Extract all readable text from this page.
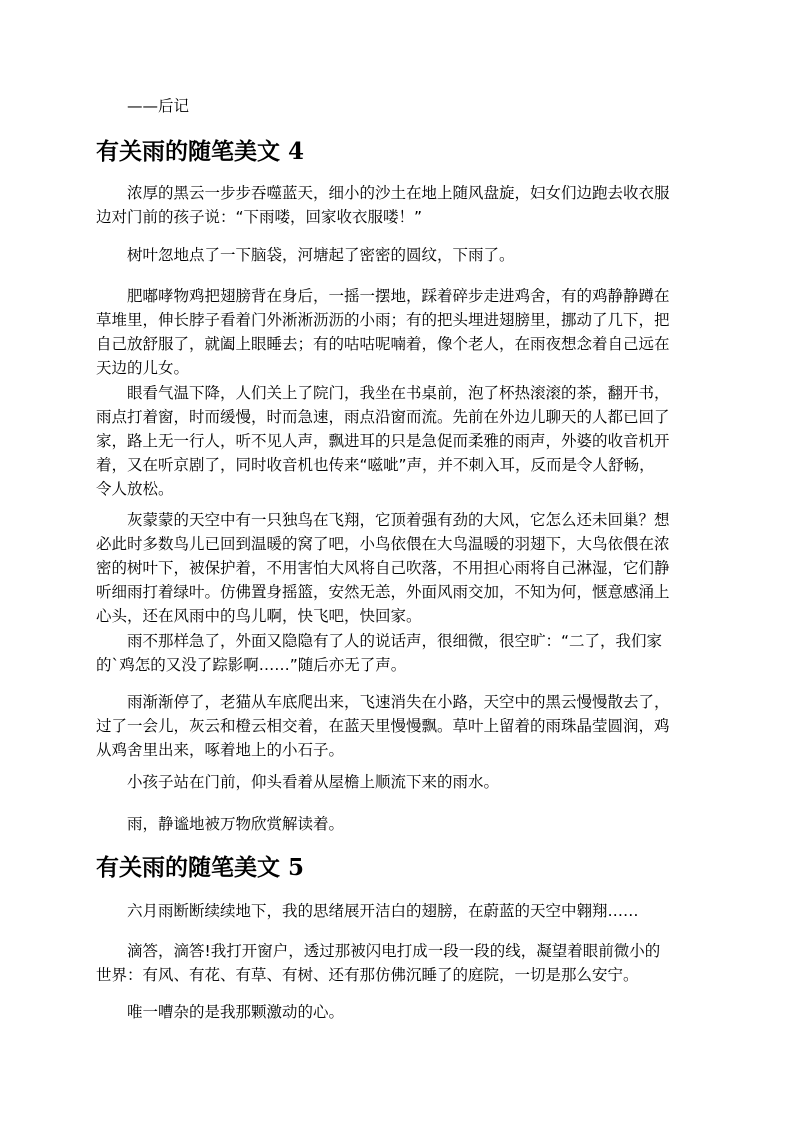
——后记

有关雨的随笔美文 4

浓厚的黑云一步步吞噬蓝天，细小的沙土在地上随风盘旋，妇女们边跑去收衣服
边对门前的孩子说：“下雨喽，回家收衣服喽！”

树叶忽地点了一下脑袋，河塘起了密密的圆纹，下雨了。

肥嘟哮物鸡把翅膀背在身后，一摇一摆地，踩着碎步走进鸡舍，有的鸡静静蹲在
草堆里，伸长脖子看着门外淅淅沥沥的小雨；有的把头埋进翅膀里，挪动了几下，把
自己放舒服了，就阖上眼睡去；有的咕咕呢喃着，像个老人，在雨夜想念着自己远在
天边的儿女。

眼看气温下降，人们关上了院门，我坐在书桌前，泡了杯热滚滚的茶，翻开书，
雨点打着窗，时而缓慢，时而急速，雨点沿窗而流。先前在外边儿聊天的人都已回了
家，路上无一行人，听不见人声，飘进耳的只是急促而柔雅的雨声，外婆的收音机开
着，又在听京剧了，同时收音机也传来“嗞呲”声，并不刺入耳，反而是令人舒畅，
令人放松。

灰蒙蒙的天空中有一只独鸟在飞翔，它顶着强有劲的大风，它怎么还未回巢？想
必此时多数鸟儿已回到温暖的窝了吧，小鸟依偎在大鸟温暖的羽翅下，大鸟依偎在浓
密的树叶下，被保护着，不用害怕大风将自己吹落，不用担心雨将自己淋湿，它们静
听细雨打着绿叶。仿佛置身摇篮，安然无恙，外面风雨交加，不知为何，惬意感涌上
心头，还在风雨中的鸟儿啊，快飞吧，快回家。

雨不那样急了，外面又隐隐有了人的说话声，很细微，很空旷：“二了，我们家
的`鸡怎的又没了踪影啊……”随后亦无了声。

雨渐渐停了，老猫从车底爬出来，飞速消失在小路，天空中的黑云慢慢散去了，
过了一会儿，灰云和橙云相交着，在蓝天里慢慢飘。草叶上留着的雨珠晶莹圆润，鸡
从鸡舍里出来，啄着地上的小石子。

小孩子站在门前，仰头看着从屋檐上顺流下来的雨水。

雨，静谧地被万物欣赏解读着。

有关雨的随笔美文 5

六月雨断断续续地下，我的思绪展开洁白的翅膀，在蔚蓝的天空中翱翔……

滴答，滴答!我打开窗户，透过那被闪电打成一段一段的线，凝望着眼前微小的
世界：有风、有花、有草、有树、还有那仿佛沉睡了的庭院，一切是那么安宁。

唯一嘈杂的是我那颗激动的心。
